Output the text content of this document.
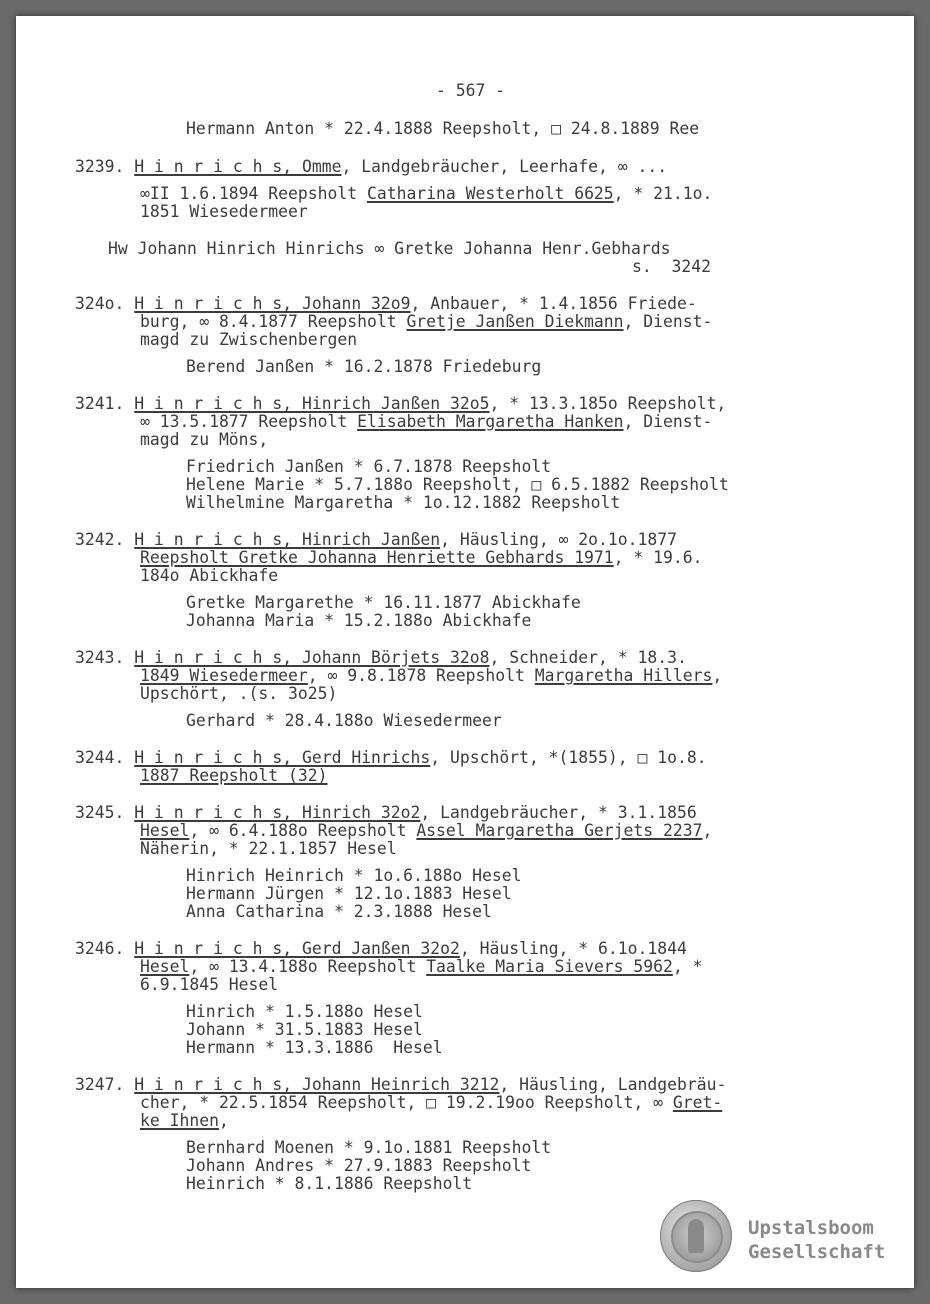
- 567 -
Hermann Anton * 22.4.1888 Reepsholt, □ 24.8.1889 Ree
3239. H i n r i c h s, Omme, Landgebräucher, Leerhafe, ∞ ...
∞II 1.6.1894 Reepsholt Catharina Westerholt 6625, * 21.1o.
1851 Wiesedermeer
Hw Johann Hinrich Hinrichs ∞ Gretke Johanna Henr.Gebhards
s.  3242
324o. H i n r i c h s, Johann 32o9, Anbauer, * 1.4.1856 Friede-
burg, ∞ 8.4.1877 Reepsholt Gretje Janßen Diekmann, Dienst-
magd zu Zwischenbergen
Berend Janßen * 16.2.1878 Friedeburg
3241. H i n r i c h s, Hinrich Janßen 32o5, * 13.3.185o Reepsholt,
∞ 13.5.1877 Reepsholt Elisabeth Margaretha Hanken, Dienst-
magd zu Möns,
Friedrich Janßen * 6.7.1878 Reepsholt
Helene Marie * 5.7.188o Reepsholt, □ 6.5.1882 Reepsholt
Wilhelmine Margaretha * 1o.12.1882 Reepsholt
3242. H i n r i c h s, Hinrich Janßen, Häusling, ∞ 2o.1o.1877
Reepsholt Gretke Johanna Henriette Gebhards 1971, * 19.6.
184o Abickhafe
Gretke Margarethe * 16.11.1877 Abickhafe
Johanna Maria * 15.2.188o Abickhafe
3243. H i n r i c h s, Johann Börjets 32o8, Schneider, * 18.3.
1849 Wiesedermeer, ∞ 9.8.1878 Reepsholt Margaretha Hillers,
Upschört, .(s. 3o25)
Gerhard * 28.4.188o Wiesedermeer
3244. H i n r i c h s, Gerd Hinrichs, Upschört, *(1855), □ 1o.8.
1887 Reepsholt (32)
3245. H i n r i c h s, Hinrich 32o2, Landgebräucher, * 3.1.1856
Hesel, ∞ 6.4.188o Reepsholt Assel Margaretha Gerjets 2237,
Näherin, * 22.1.1857 Hesel
Hinrich Heinrich * 1o.6.188o Hesel
Hermann Jürgen * 12.1o.1883 Hesel
Anna Catharina * 2.3.1888 Hesel
3246. H i n r i c h s, Gerd Janßen 32o2, Häusling, * 6.1o.1844
Hesel, ∞ 13.4.188o Reepsholt Taalke Maria Sievers 5962, *
6.9.1845 Hesel
Hinrich * 1.5.188o Hesel
Johann * 31.5.1883 Hesel
Hermann * 13.3.1886  Hesel
3247. H i n r i c h s, Johann Heinrich 3212, Häusling, Landgebräu-
cher, * 22.5.1854 Reepsholt, □ 19.2.19oo Reepsholt, ∞ Gret-
ke Ihnen,
Bernhard Moenen * 9.1o.1881 Reepsholt
Johann Andres * 27.9.1883 Reepsholt
Heinrich * 8.1.1886 Reepsholt
Upstalsboom
Gesellschaft
